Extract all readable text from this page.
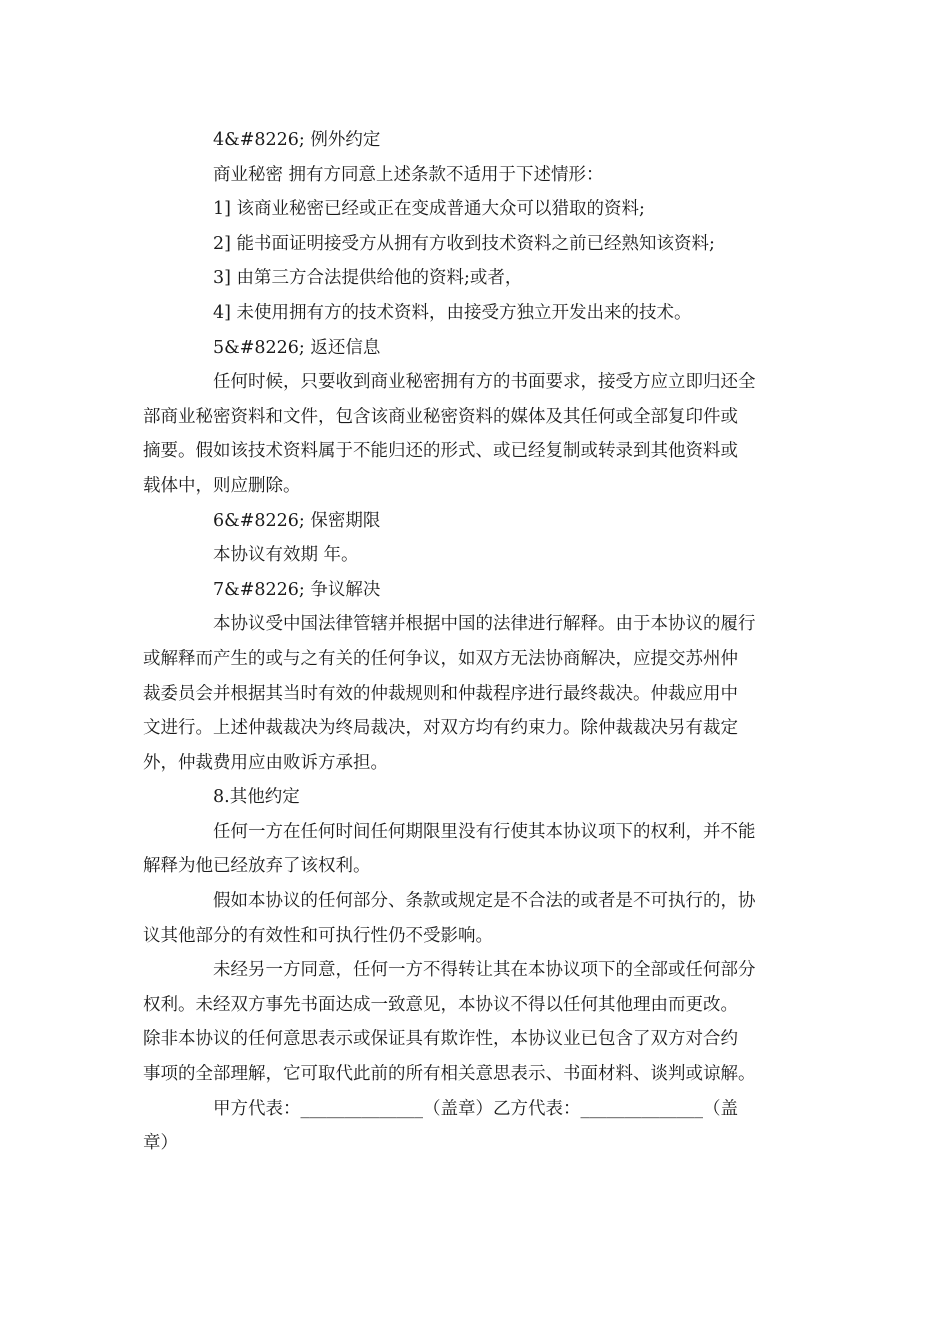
4&#8226; 例外约定

商业秘密 拥有方同意上述条款不适用于下述情形：

1] 该商业秘密已经或正在变成普通大众可以猎取的资料;

2] 能书面证明接受方从拥有方收到技术资料之前已经熟知该资料;

3] 由第三方合法提供给他的资料;或者，

4] 未使用拥有方的技术资料，由接受方独立开发出来的技术。

5&#8226; 返还信息

任何时候，只要收到商业秘密拥有方的书面要求，接受方应立即归还全
部商业秘密资料和文件，包含该商业秘密资料的媒体及其任何或全部复印件或
摘要。假如该技术资料属于不能归还的形式、或已经复制或转录到其他资料或
载体中，则应删除。

6&#8226; 保密期限

本协议有效期 年。

7&#8226; 争议解决

本协议受中国法律管辖并根据中国的法律进行解释。由于本协议的履行
或解释而产生的或与之有关的任何争议，如双方无法协商解决，应提交苏州仲
裁委员会并根据其当时有效的仲裁规则和仲裁程序进行最终裁决。仲裁应用中
文进行。上述仲裁裁决为终局裁决，对双方均有约束力。除仲裁裁决另有裁定
外，仲裁费用应由败诉方承担。

8.其他约定

任何一方在任何时间任何期限里没有行使其本协议项下的权利，并不能
解释为他已经放弃了该权利。

假如本协议的任何部分、条款或规定是不合法的或者是不可执行的，协
议其他部分的有效性和可执行性仍不受影响。

未经另一方同意，任何一方不得转让其在本协议项下的全部或任何部分
权利。未经双方事先书面达成一致意见，本协议不得以任何其他理由而更改。
除非本协议的任何意思表示或保证具有欺诈性，本协议业已包含了双方对合约
事项的全部理解，它可取代此前的所有相关意思表示、书面材料、谈判或谅解。

甲方代表：______________（盖章）乙方代表：______________（盖
章）
